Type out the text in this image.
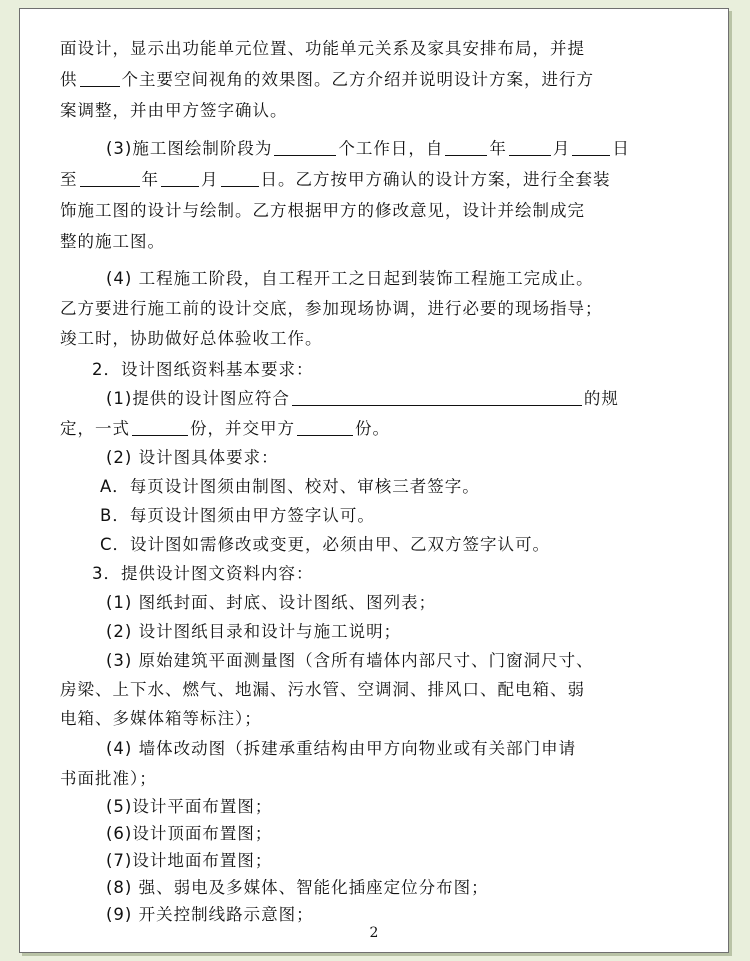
面设计，显示出功能单元位置、功能单元关系及家具安排布局，并提
供	个主要空间视角的效果图。乙方介绍并说明设计方案，进行方
案调整，并由甲方签字确认。
(3)施工图绘制阶段为	个工作日，自	年	月	日
至	年	月	日。乙方按甲方确认的设计方案，进行全套装
饰施工图的设计与绘制。乙方根据甲方的修改意见，设计并绘制成完
整的施工图。
(4) 工程施工阶段，自工程开工之日起到装饰工程施工完成止。
乙方要进行施工前的设计交底，参加现场协调，进行必要的现场指导；
竣工时，协助做好总体验收工作。
2．设计图纸资料基本要求：
(1)提供的设计图应符合	的规
定，一式	份，并交甲方	份。
(2) 设计图具体要求：
A．每页设计图须由制图、校对、审核三者签字。
B．每页设计图须由甲方签字认可。
C．设计图如需修改或变更，必须由甲、乙双方签字认可。
3．提供设计图文资料内容：
(1) 图纸封面、封底、设计图纸、图列表；
(2) 设计图纸目录和设计与施工说明；
(3) 原始建筑平面测量图（含所有墙体内部尺寸、门窗洞尺寸、
房梁、上下水、燃气、地漏、污水管、空调洞、排风口、配电箱、弱
电箱、多媒体箱等标注）；
(4) 墙体改动图（拆建承重结构由甲方向物业或有关部门申请
书面批准）；
(5)设计平面布置图；
(6)设计顶面布置图；
(7)设计地面布置图；
(8) 强、弱电及多媒体、智能化插座定位分布图；
(9) 开关控制线路示意图；
2
